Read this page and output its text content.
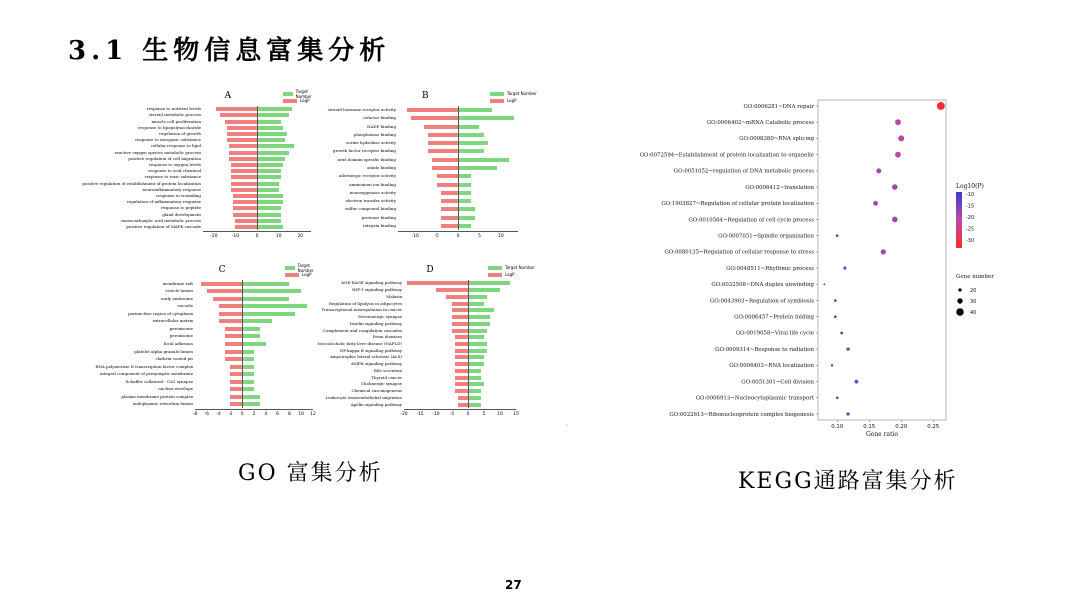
3.1 生物信息富集分析
A	Target Number
LogP
response to nutrient levels
steroid metabolic process
muscle cell proliferation
response to lipopolysaccharide
regulation of growth
response to inorganic substance
cellular response to lipid
reactive oxygen species metabolic process
positive regulation of cell migration
response to oxygen levels
response to acid chemical
response to toxic substance
positive regulation of establishment of protein localization
neuroinflammatory response
response to wounding
regulation of inflammatory response
response to peptide
gland development
monocarboxylic acid metabolic process
positive regulation of MAPK cascade
-20	-10	0	10	20
B	Target Number
LogP
steroid hormone receptor activity
cofactor binding
NADP binding
phosphatase binding
serine hydrolase activity
growth factor receptor binding
next domain specific binding
amide binding
adrenergic receptor activity
ammonium ion binding
monoxygenase activity
electron transfer activity
sulfur compound binding
protease binding
integrin binding
-10	-5	0	5	10
C	Target Number
LogP
membrane raft
vesicle lumen
early endosome
vacuole
perinuclear region of cytoplasm
extracellular matrix
peroxisome
peroxisome
focal adhesion
platelet alpha granule lumen
clathrin-coated pit
RNA polymerase II transcription factor complex
integral component of presynaptic membrane
Schaffer collateral - CA1 synapse
nuclear envelope
plasma membrane protein complex
endoplasmic reticulum lumen
-8 -6 -4 -2 0 2 4 6 8 10 12
D	Target Number
LogP
AGE-RAGE signaling pathway
HIF-1 signaling pathway
Malaria
Regulation of lipolysis in adipocytes
Transcriptional misregulation in cancer
Serotonergic synapse
Insulin signaling pathway
Complement and coagulation cascades
Prion diseases
Non-alcoholic fatty liver disease (NAFLD)
NF-kappa B signaling pathway
Amyotrophic lateral sclerosis (ALS)
AMPK signaling pathway
Bile secretion
Thyroid cancer
Cholinergic synapse
Chemical carcinogenesis
Leukocyte transendothelial migration
Apelin signaling pathway
-20 -15 -10 -5	0	5	10 15
,
GO 富集分析	KEGG通路富集分析
GO:0006281~DNA repair
GO:0006402~mRNA Catabolic process
GO:0008380~RNA splicing
GO:0072594~Establishment of protein localization to organelle
GO:0051052~regulation of DNA metabolic process
GO:0006412~translation
GO:1903827~Regulation of cellular protein localization
GO:0010564~Regulation of cell cycle process
GO:0007051~Spindle organization
GO:0080135~Regulation of cellular response to stress
GO:0048511~Rhythmic process
GO:0032508~DNA duplex unwinding
GO:0043903~Regulation of symbiosis
GO:0006457~Protein folding
GO:0019058~Viral life cycle
GO:0009314~Response to radiation
GO:0006403~RNA localization
GO:0051301~Cell division
GO:0006913~Nucleocytoplasmic transport
GO:0022613~Ribonucleoprotein complex biogenesis
0.10	0.15	0.20	0.25
Gene ratio
Log10(P)
-10
-15
-20
-25
-30
Gene number
20
30
40
27
